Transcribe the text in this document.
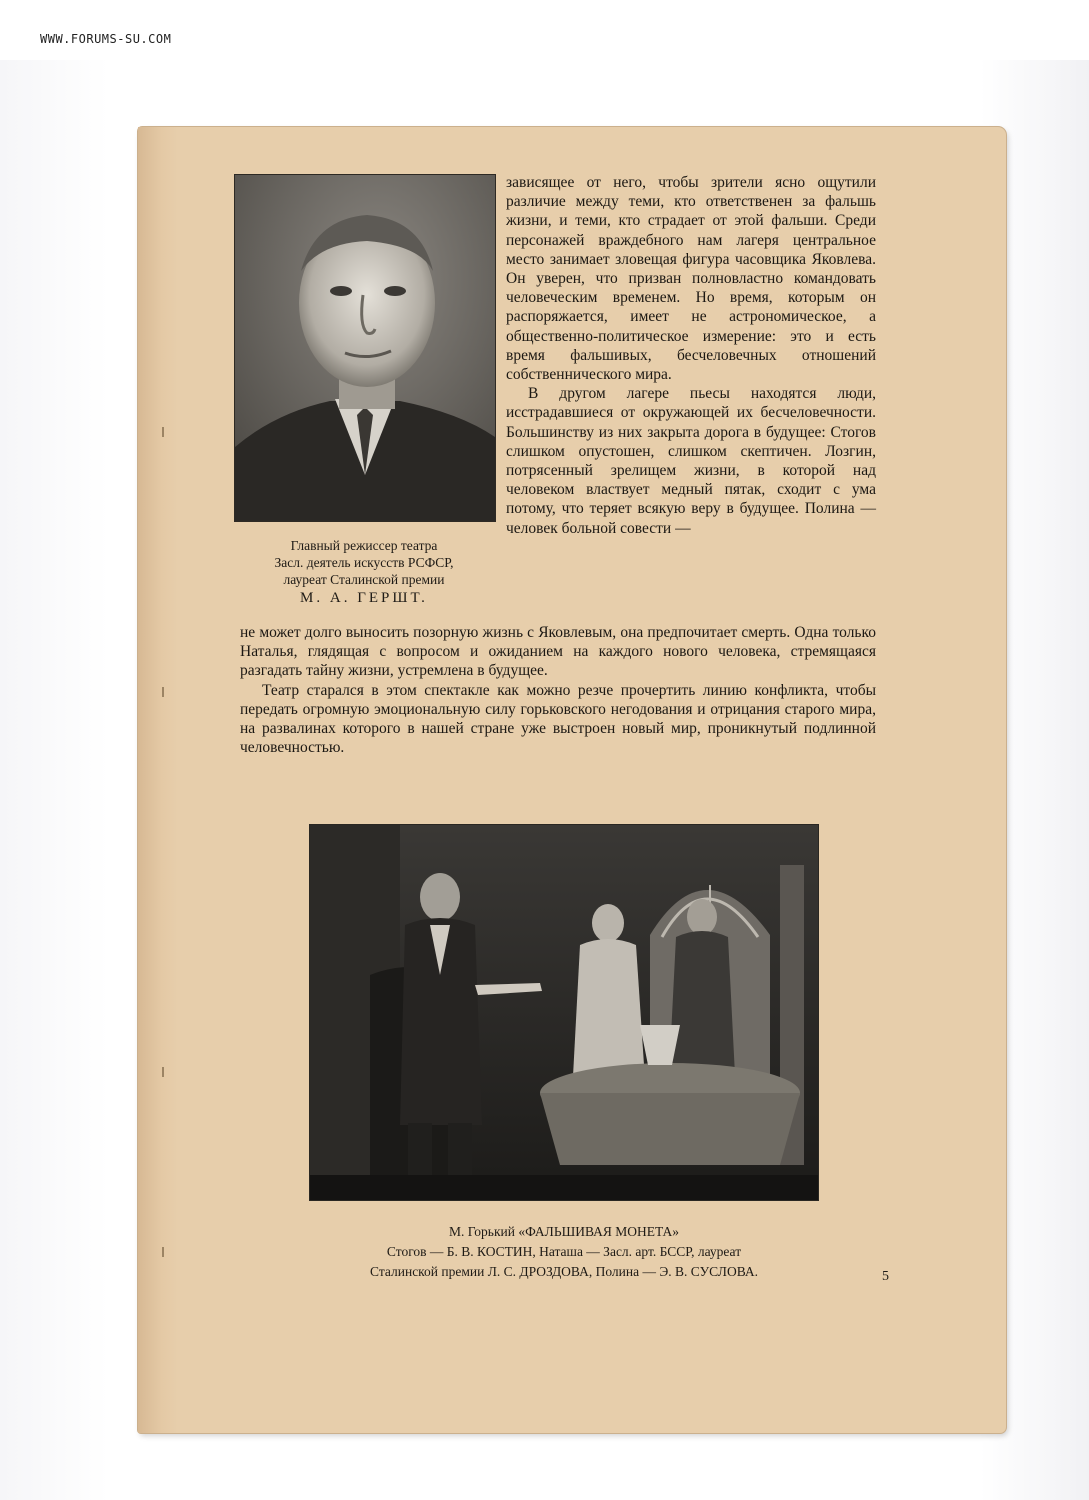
WWW.FORUMS-SU.COM
Главный режиссер театра
Засл. деятель искусств РСФСР,
лауреат Сталинской премии
М. А. ГЕРШТ.

зависящее от него, чтобы зрители ясно ощутили различие между теми, кто ответственен за фальшь жизни, и теми, кто страдает от этой фальши. Среди персонажей враждебного нам лагеря центральное место занимает зловещая фигура часовщика Яковлева. Он уверен, что призван полновластно командовать человеческим временем. Но время, которым он распоряжается, имеет не астрономическое, а общественно-политическое измерение: это и есть время фальшивых, бесчеловечных отношений собственнического мира.

В другом лагере пьесы находятся люди, исстрадавшиеся от окружающей их бесчеловечности. Большинству из них закрыта дорога в будущее: Стогов слишком опустошен, слишком скептичен. Лозгин, потрясенный зрелищем жизни, в которой над человеком властвует медный пятак, сходит с ума потому, что теряет всякую веру в будущее. Полина — человек больной совести —

не может долго выносить позорную жизнь с Яковлевым, она предпочитает смерть. Одна только Наталья, глядящая с вопросом и ожиданием на каждого нового человека, стремящаяся разгадать тайну жизни, устремлена в будущее.

Театр старался в этом спектакле как можно резче прочертить линию конфликта, чтобы передать огромную эмоциональную силу горьковского негодования и отрицания старого мира, на развалинах которого в нашей стране уже выстроен новый мир, проникнутый подлинной человечностью.

М. Горький «ФАЛЬШИВАЯ МОНЕТА»
Стогов — Б. В. КОСТИН, Наташа — Засл. арт. БССР, лауреат
Сталинской премии Л. С. ДРОЗДОВА, Полина — Э. В. СУСЛОВА.	5
